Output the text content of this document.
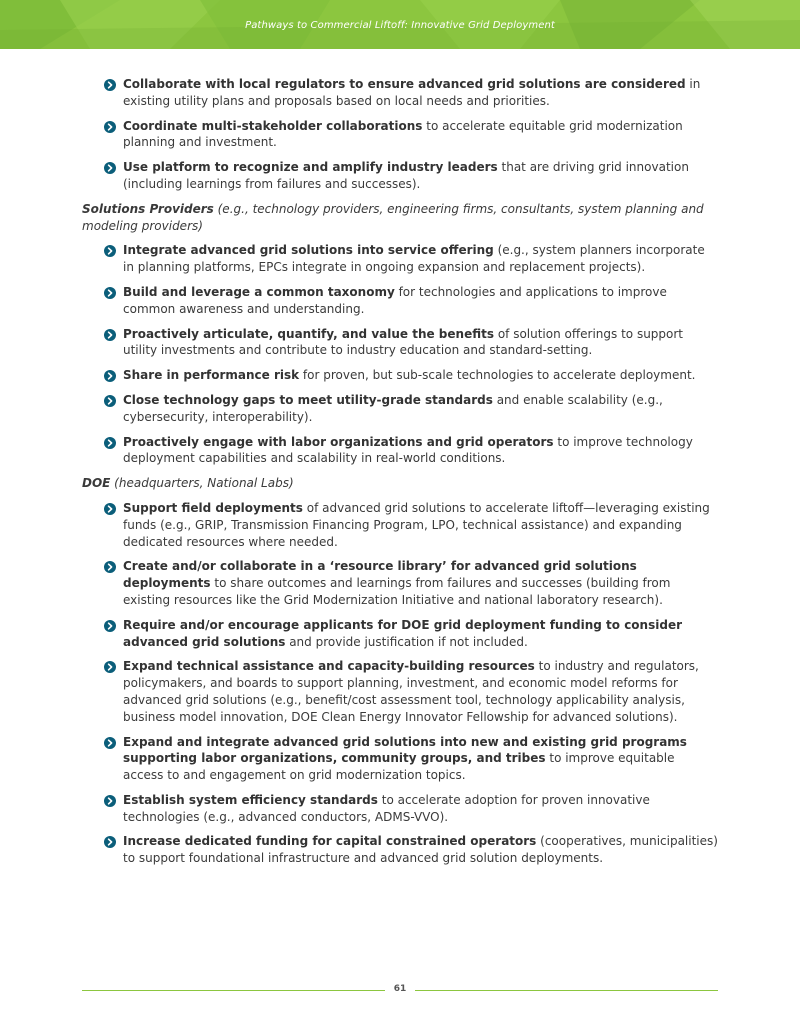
Pathways to Commercial Liftoff: Innovative Grid Deployment
Collaborate with local regulators to ensure advanced grid solutions are considered in existing utility plans and proposals based on local needs and priorities.
Coordinate multi-stakeholder collaborations to accelerate equitable grid modernization planning and investment.
Use platform to recognize and amplify industry leaders that are driving grid innovation (including learnings from failures and successes).
Solutions Providers (e.g., technology providers, engineering firms, consultants, system planning and modeling providers)
Integrate advanced grid solutions into service offering (e.g., system planners incorporate in planning platforms, EPCs integrate in ongoing expansion and replacement projects).
Build and leverage a common taxonomy for technologies and applications to improve common awareness and understanding.
Proactively articulate, quantify, and value the benefits of solution offerings to support utility investments and contribute to industry education and standard-setting.
Share in performance risk for proven, but sub-scale technologies to accelerate deployment.
Close technology gaps to meet utility-grade standards and enable scalability (e.g., cybersecurity, interoperability).
Proactively engage with labor organizations and grid operators to improve technology deployment capabilities and scalability in real-world conditions.
DOE (headquarters, National Labs)
Support field deployments of advanced grid solutions to accelerate liftoff—leveraging existing funds (e.g., GRIP, Transmission Financing Program, LPO, technical assistance) and expanding dedicated resources where needed.
Create and/or collaborate in a ‘resource library’ for advanced grid solutions deployments to share outcomes and learnings from failures and successes (building from existing resources like the Grid Modernization Initiative and national laboratory research).
Require and/or encourage applicants for DOE grid deployment funding to consider advanced grid solutions and provide justification if not included.
Expand technical assistance and capacity-building resources to industry and regulators, policymakers, and boards to support planning, investment, and economic model reforms for advanced grid solutions (e.g., benefit/cost assessment tool, technology applicability analysis, business model innovation, DOE Clean Energy Innovator Fellowship for advanced solutions).
Expand and integrate advanced grid solutions into new and existing grid programs supporting labor organizations, community groups, and tribes to improve equitable access to and engagement on grid modernization topics.
Establish system efficiency standards to accelerate adoption for proven innovative technologies (e.g., advanced conductors, ADMS-VVO).
Increase dedicated funding for capital constrained operators (cooperatives, municipalities) to support foundational infrastructure and advanced grid solution deployments.
61
